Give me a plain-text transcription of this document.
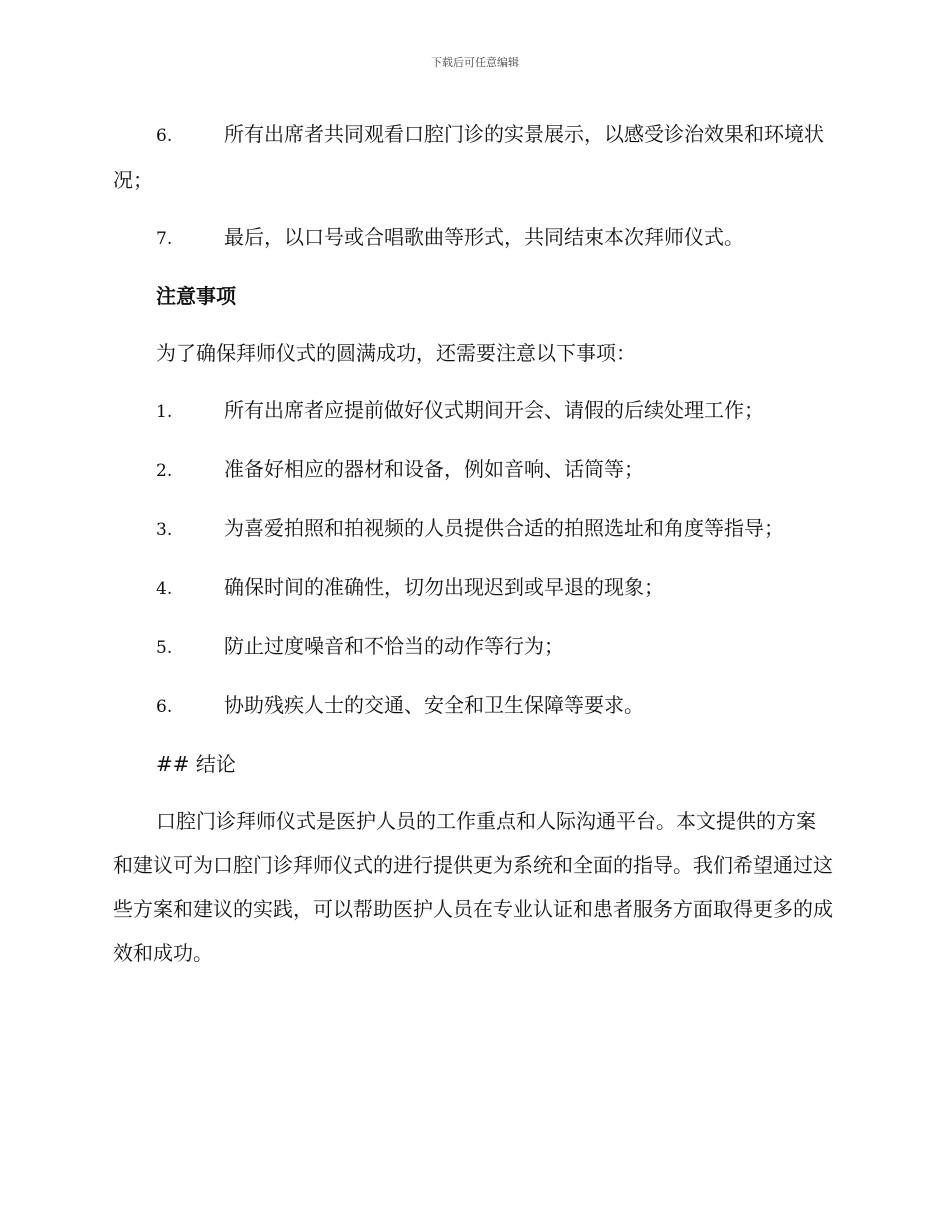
下载后可任意编辑
6.	所有出席者共同观看口腔门诊的实景展示，以感受诊治效果和环境状况；
7.	最后，以口号或合唱歌曲等形式，共同结束本次拜师仪式。
注意事项
为了确保拜师仪式的圆满成功，还需要注意以下事项：
1.	所有出席者应提前做好仪式期间开会、请假的后续处理工作；
2.	准备好相应的器材和设备，例如音响、话筒等；
3.	为喜爱拍照和拍视频的人员提供合适的拍照选址和角度等指导；
4.	确保时间的准确性，切勿出现迟到或早退的现象；
5.	防止过度噪音和不恰当的动作等行为；
6.	协助残疾人士的交通、安全和卫生保障等要求。
## 结论
口腔门诊拜师仪式是医护人员的工作重点和人际沟通平台。本文提供的方案和建议可为口腔门诊拜师仪式的进行提供更为系统和全面的指导。我们希望通过这些方案和建议的实践，可以帮助医护人员在专业认证和患者服务方面取得更多的成效和成功。
